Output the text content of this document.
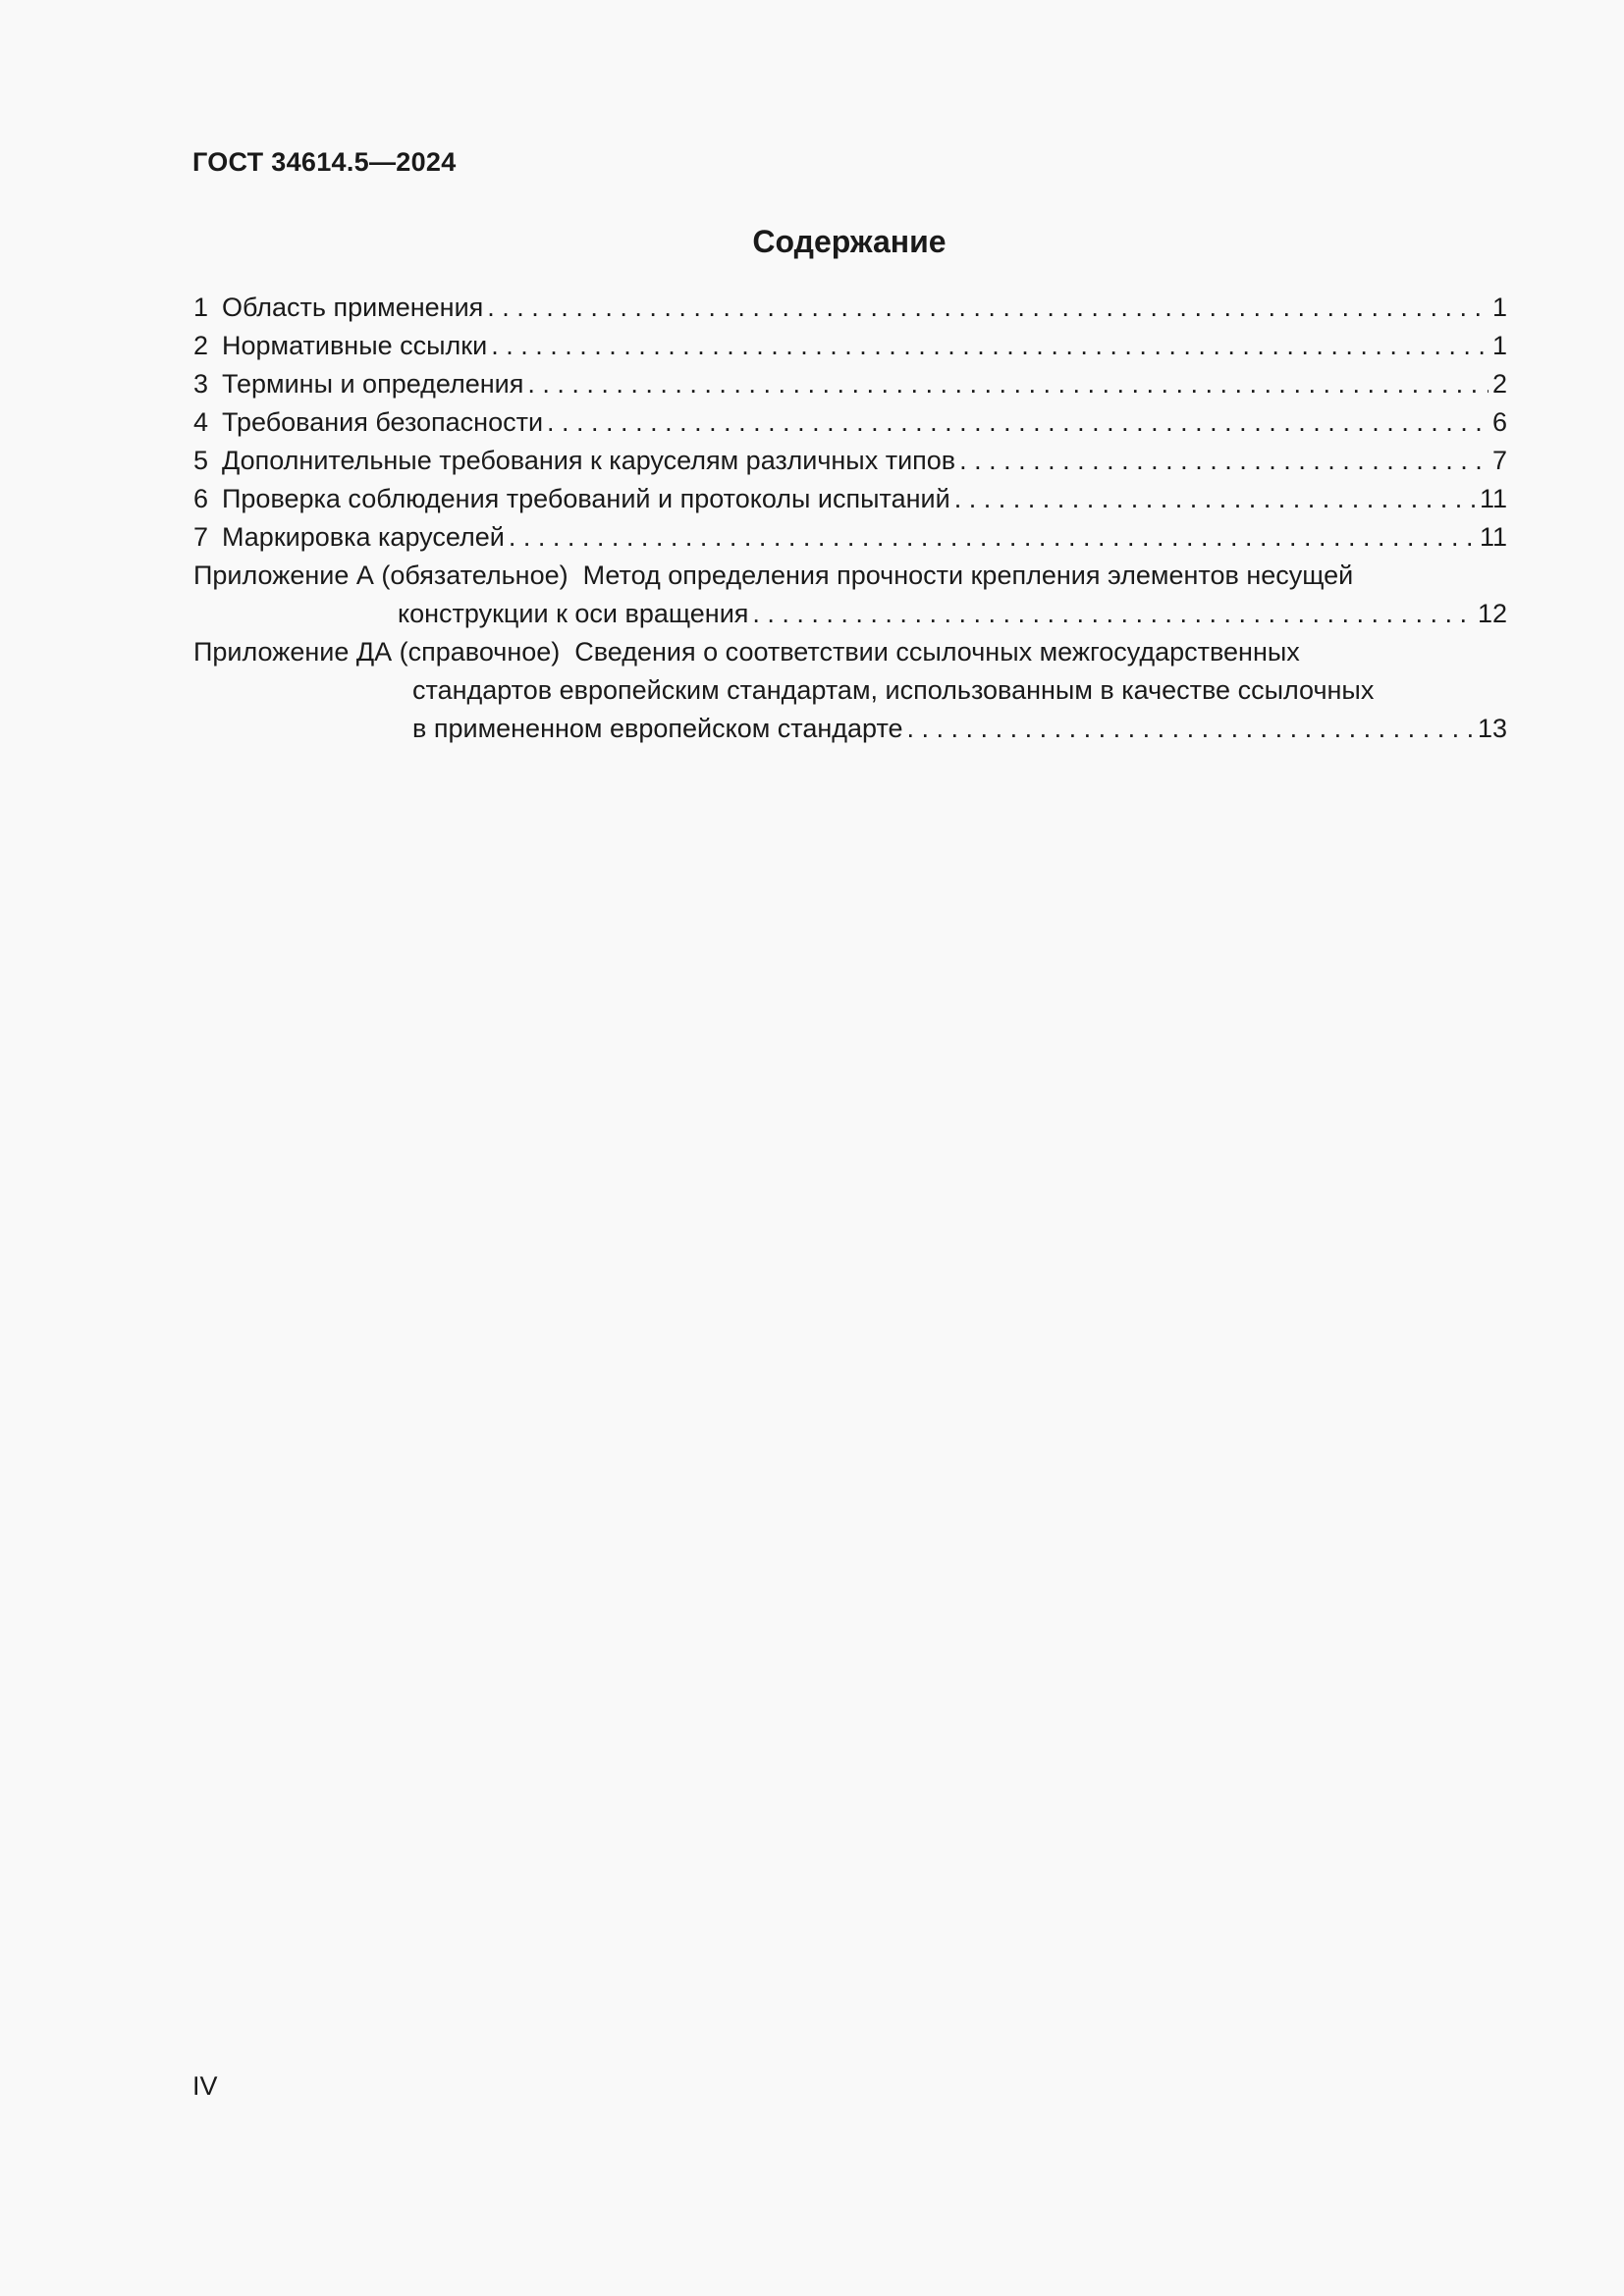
ГОСТ 34614.5—2024
Содержание
1 Область применения . . .	1
2 Нормативные ссылки . . .	1
3 Термины и определения . . .	2
4 Требования безопасности . . .	6
5 Дополнительные требования к каруселям различных типов . . .	7
6 Проверка соблюдения требований и протоколы испытаний . . .	11
7 Маркировка каруселей . . .	11
Приложение А (обязательное)  Метод определения прочности крепления элементов несущей
конструкции к оси вращения . . .	12
Приложение ДА (справочное)  Сведения о соответствии ссылочных межгосударственных
стандартов европейским стандартам, использованным в качестве ссылочных
в примененном европейском стандарте . . .	13
IV
